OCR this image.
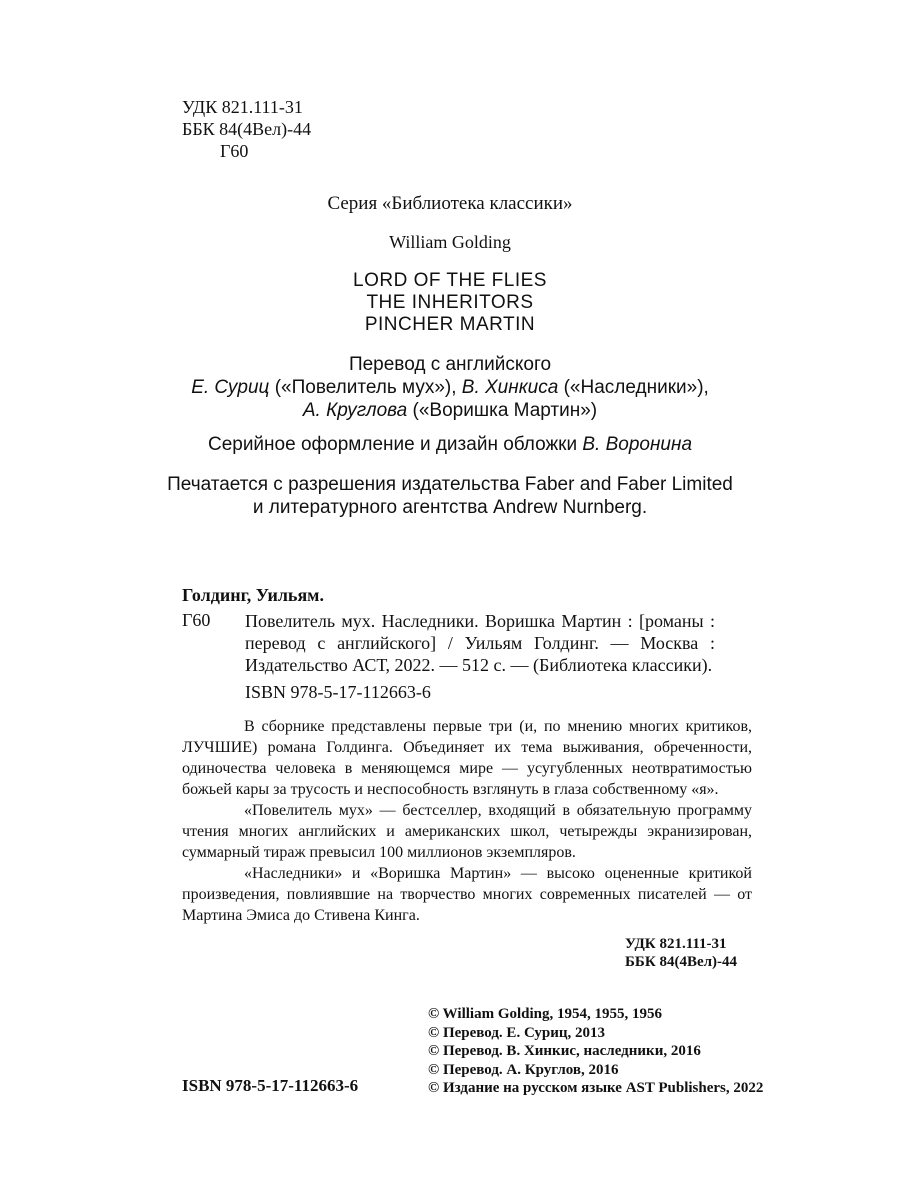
УДК 821.111-31
ББК 84(4Вел)-44
Г60
Серия «Библиотека классики»
William Golding
LORD OF THE FLIES
THE INHERITORS
PINCHER MARTIN
Перевод с английского
Е. Суриц («Повелитель мух»), В. Хинкиса («Наследники»),
А. Круглова («Воришка Мартин»)
Серийное оформление и дизайн обложки В. Воронина
Печатается с разрешения издательства Faber and Faber Limited
и литературного агентства Andrew Nurnberg.
Голдинг, Уильям.
Г60 Повелитель мух. Наследники. Воришка Мартин : [романы : перевод с английского] / Уильям Голдинг. — Москва : Издательство АСТ, 2022. — 512 с. — (Библиотека классики).
ISBN 978-5-17-112663-6

В сборнике представлены первые три (и, по мнению многих критиков, ЛУЧШИЕ) романа Голдинга. Объединяет их тема выживания, обреченности, одиночества человека в меняющемся мире — усугубленных неотвратимостью божьей кары за трусость и неспособность взглянуть в глаза собственному «я».

«Повелитель мух» — бестселлер, входящий в обязательную программу чтения многих английских и американских школ, четырежды экранизирован, суммарный тираж превысил 100 миллионов экземпляров.

«Наследники» и «Воришка Мартин» — высоко оцененные критикой произведения, повлиявшие на творчество многих современных писателей — от Мартина Эмиса до Стивена Кинга.

УДК 821.111-31
ББК 84(4Вел)-44
© William Golding, 1954, 1955, 1956
© Перевод. Е. Суриц, 2013
© Перевод. В. Хинкис, наследники, 2016
© Перевод. А. Круглов, 2016
© Издание на русском языке AST Publishers, 2022
ISBN 978-5-17-112663-6
